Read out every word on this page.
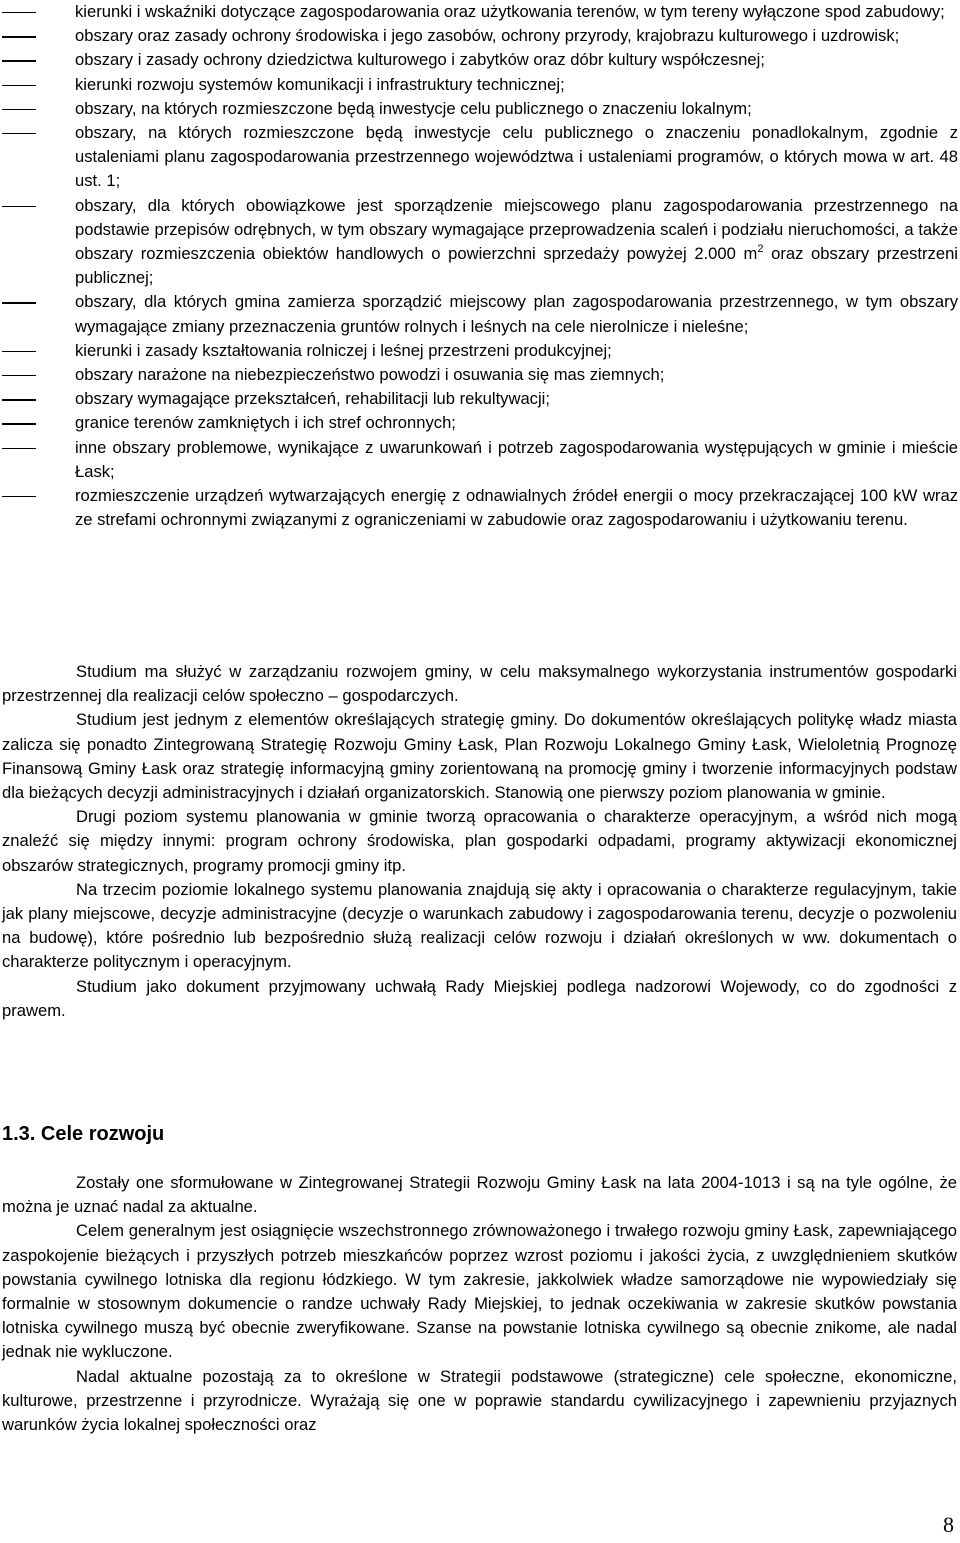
kierunki i wskaźniki dotyczące zagospodarowania oraz użytkowania terenów, w tym tereny wyłączone spod zabudowy;
obszary oraz zasady ochrony środowiska i jego zasobów, ochrony przyrody, krajobrazu kulturowego i uzdrowisk;
obszary i zasady ochrony dziedzictwa kulturowego i zabytków oraz dóbr kultury współczesnej;
kierunki rozwoju systemów komunikacji i infrastruktury technicznej;
obszary, na których rozmieszczone będą inwestycje celu publicznego o znaczeniu lokalnym;
obszary, na których rozmieszczone będą inwestycje celu publicznego o znaczeniu ponadlokalnym, zgodnie z ustaleniami planu zagospodarowania przestrzennego województwa i ustaleniami programów, o których mowa w art. 48 ust. 1;
obszary, dla których obowiązkowe jest sporządzenie miejscowego planu zagospodarowania przestrzennego na podstawie przepisów odrębnych, w tym obszary wymagające przeprowadzenia scaleń i podziału nieruchomości, a także obszary rozmieszczenia obiektów handlowych o powierzchni sprzedaży powyżej 2.000 $m^2$ oraz obszary przestrzeni publicznej;
obszary, dla których gmina zamierza sporządzić miejscowy plan zagospodarowania przestrzennego, w tym obszary wymagające zmiany przeznaczenia gruntów rolnych i leśnych na cele nierolnicze i nieleśne;
kierunki i zasady kształtowania rolniczej i leśnej przestrzeni produkcyjnej;
obszary narażone na niebezpieczeństwo powodzi i osuwania się mas ziemnych;
obszary wymagające przekształceń, rehabilitacji lub rekultywacji;
granice terenów zamkniętych i ich stref ochronnych;
inne obszary problemowe, wynikające z uwarunkowań i potrzeb zagospodarowania występujących w gminie i mieście Łask;
rozmieszczenie urządzeń wytwarzających energię z odnawialnych źródeł energii o mocy przekraczającej 100 kW wraz ze strefami ochronnymi związanymi z ograniczeniami w zabudowie oraz zagospodarowaniu i użytkowaniu terenu.

Studium ma służyć w zarządzaniu rozwojem gminy, w celu maksymalnego wykorzystania instrumentów gospodarki przestrzennej dla realizacji celów społeczno – gospodarczych.

Studium jest jednym z elementów określających strategię gminy. Do dokumentów określających politykę władz miasta zalicza się ponadto Zintegrowaną Strategię Rozwoju Gminy Łask, Plan Rozwoju Lokalnego Gminy Łask, Wieloletnią Prognozę Finansową Gminy Łask oraz strategię informacyjną gminy zorientowaną na promocję gminy i tworzenie informacyjnych podstaw dla bieżących decyzji administracyjnych i działań organizatorskich. Stanowią one pierwszy poziom planowania w gminie.

Drugi poziom systemu planowania w gminie tworzą opracowania o charakterze operacyjnym, a wśród nich mogą znaleźć się między innymi: program ochrony środowiska, plan gospodarki odpadami, programy aktywizacji ekonomicznej obszarów strategicznych, programy promocji gminy itp.

Na trzecim poziomie lokalnego systemu planowania znajdują się akty i opracowania o charakterze regulacyjnym, takie jak plany miejscowe, decyzje administracyjne (decyzje o warunkach zabudowy i zagospodarowania terenu, decyzje o pozwoleniu na budowę), które pośrednio lub bezpośrednio służą realizacji celów rozwoju i działań określonych w ww. dokumentach o charakterze politycznym i operacyjnym.

Studium jako dokument przyjmowany uchwałą Rady Miejskiej podlega nadzorowi Wojewody, co do zgodności z prawem.

1.3. Cele rozwoju

Zostały one sformułowane w Zintegrowanej Strategii Rozwoju Gminy Łask na lata 2004-1013 i są na tyle ogólne, że można je uznać nadal za aktualne.

Celem generalnym jest osiągnięcie wszechstronnego zrównoważonego i trwałego rozwoju gminy Łask, zapewniającego zaspokojenie bieżących i przyszłych potrzeb mieszkańców poprzez wzrost poziomu i jakości życia, z uwzględnieniem skutków powstania cywilnego lotniska dla regionu łódzkiego. W tym zakresie, jakkolwiek władze samorządowe nie wypowiedziały się formalnie w stosownym dokumencie o randze uchwały Rady Miejskiej, to jednak oczekiwania w zakresie skutków powstania lotniska cywilnego muszą być obecnie zweryfikowane. Szanse na powstanie lotniska cywilnego są obecnie znikome, ale nadal jednak nie wykluczone.

Nadal aktualne pozostają za to określone w Strategii podstawowe (strategiczne) cele społeczne, ekonomiczne, kulturowe, przestrzenne i przyrodnicze. Wyrażają się one w poprawie standardu cywilizacyjnego i zapewnieniu przyjaznych warunków życia lokalnej społeczności oraz

8
